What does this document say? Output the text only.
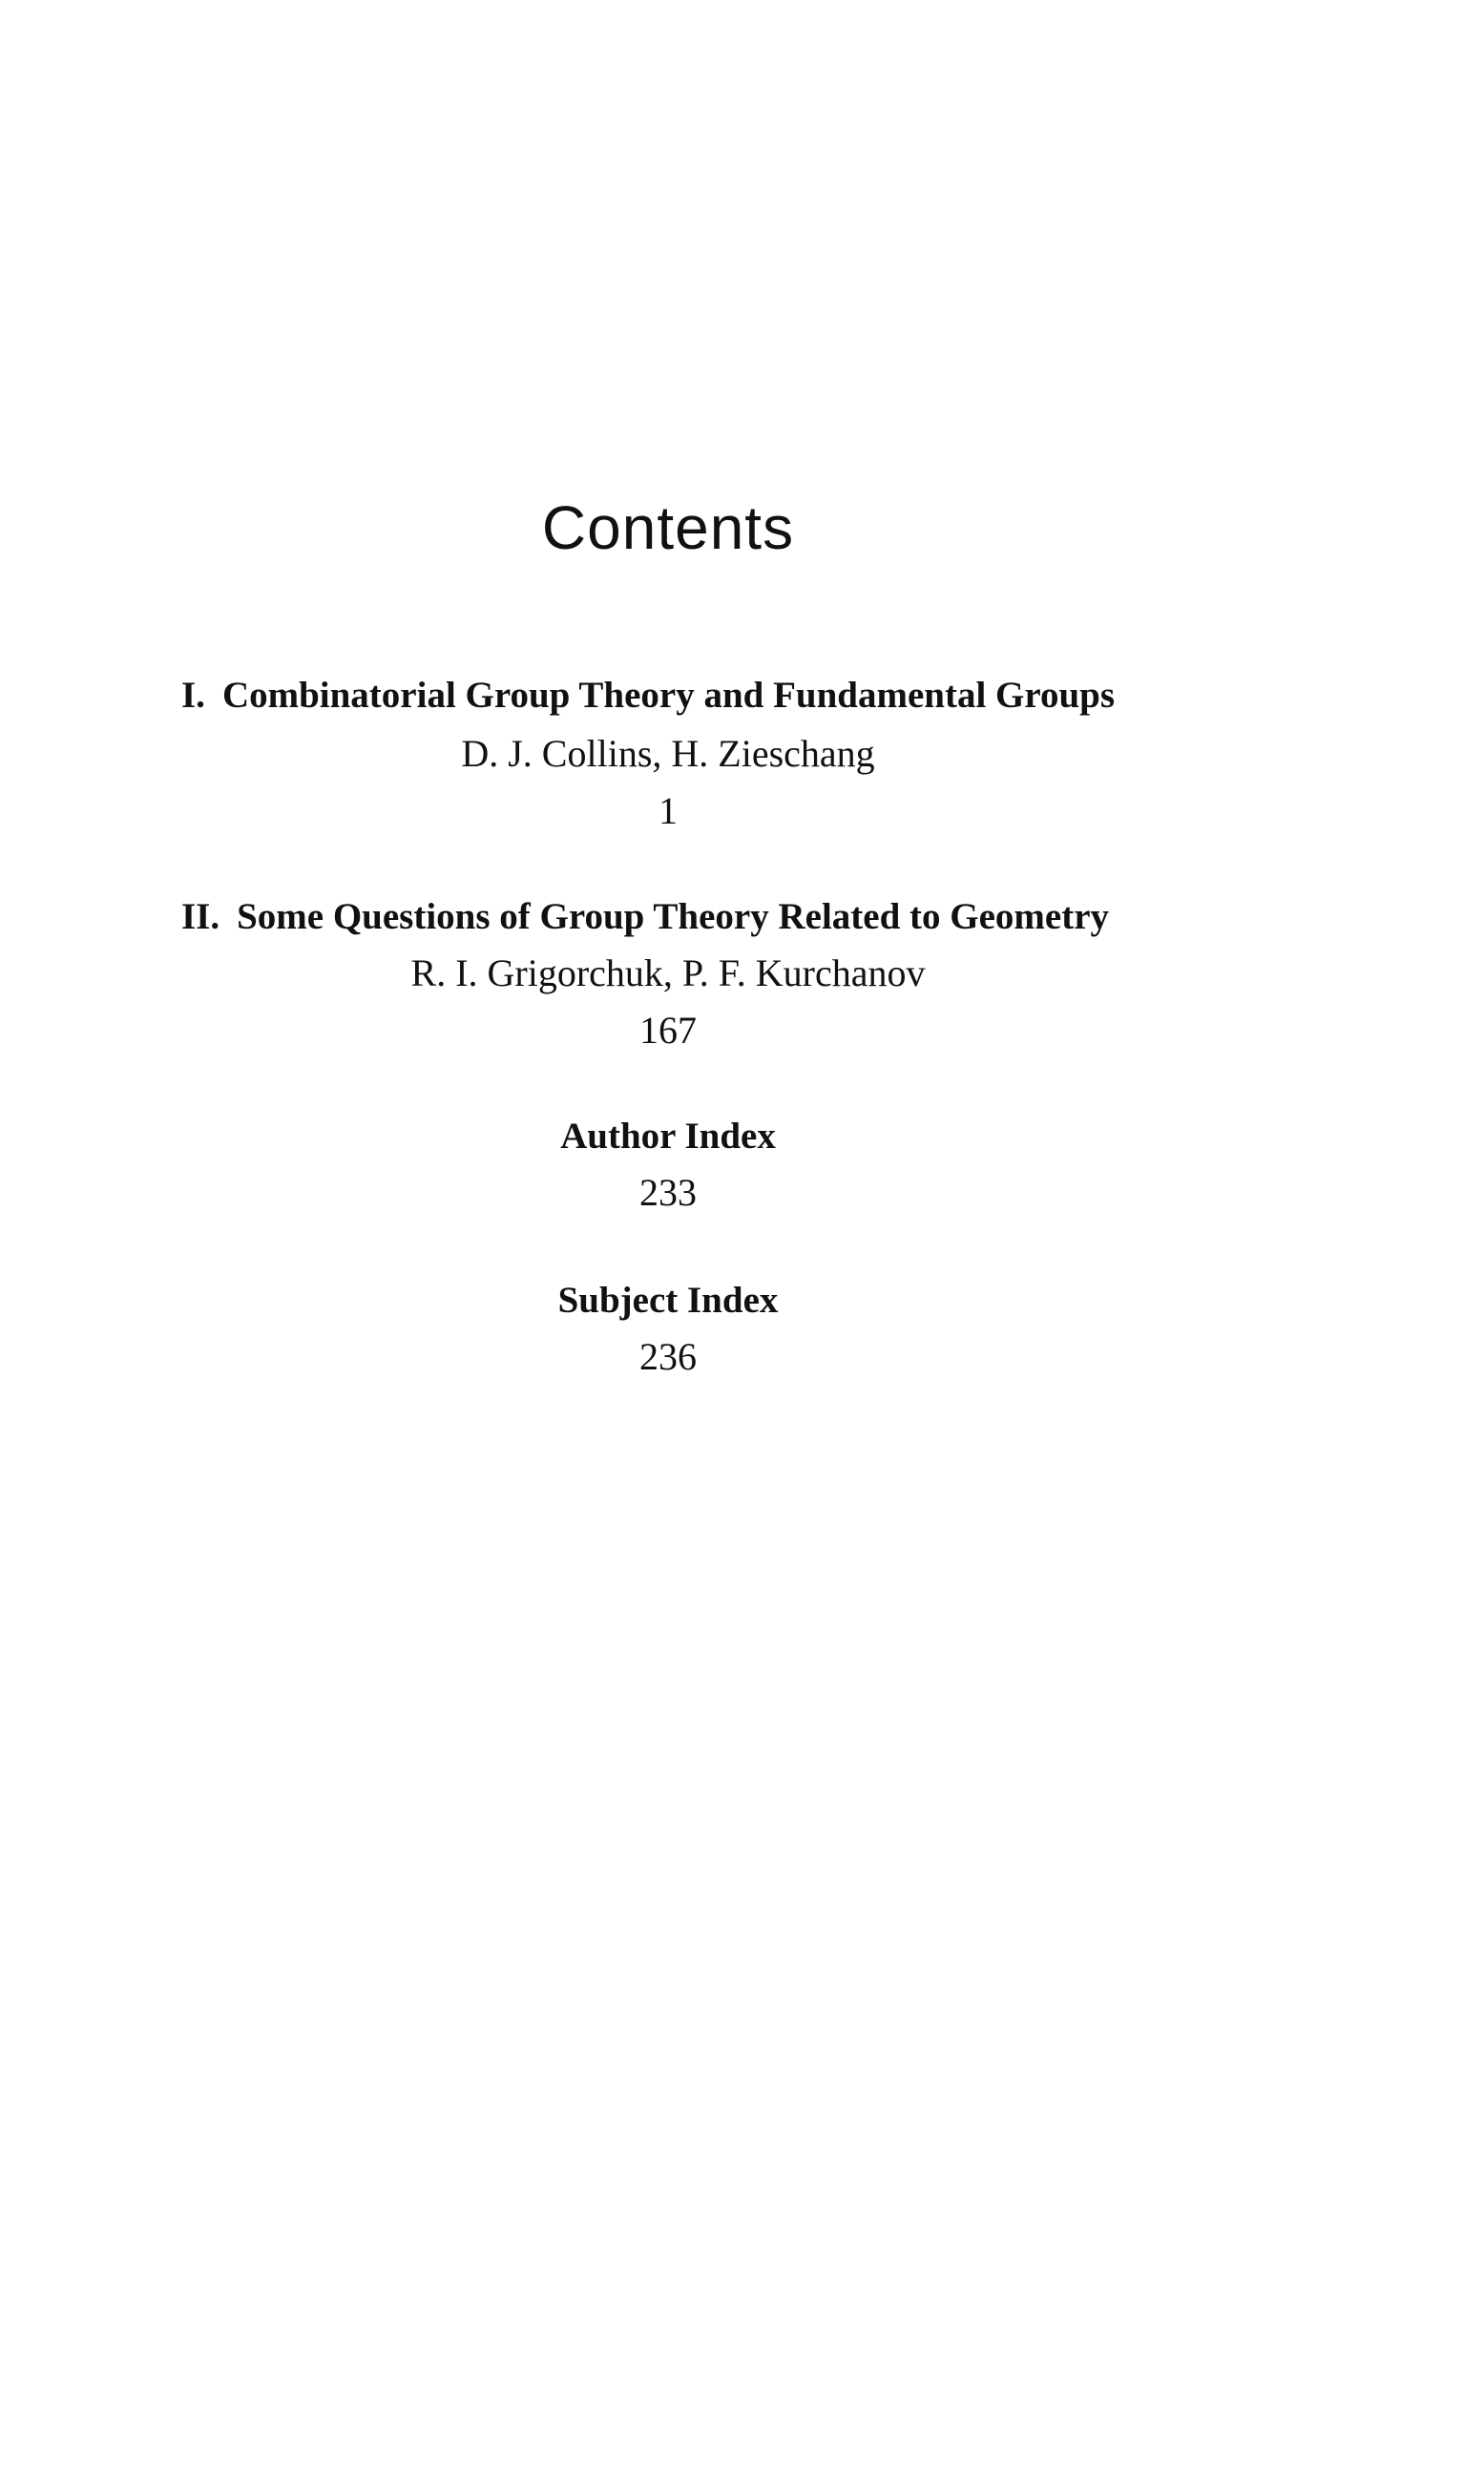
Contents
I. Combinatorial Group Theory and Fundamental Groups
D. J. Collins, H. Zieschang
1
II. Some Questions of Group Theory Related to Geometry
R. I. Grigorchuk, P. F. Kurchanov
167
Author Index
233
Subject Index
236
